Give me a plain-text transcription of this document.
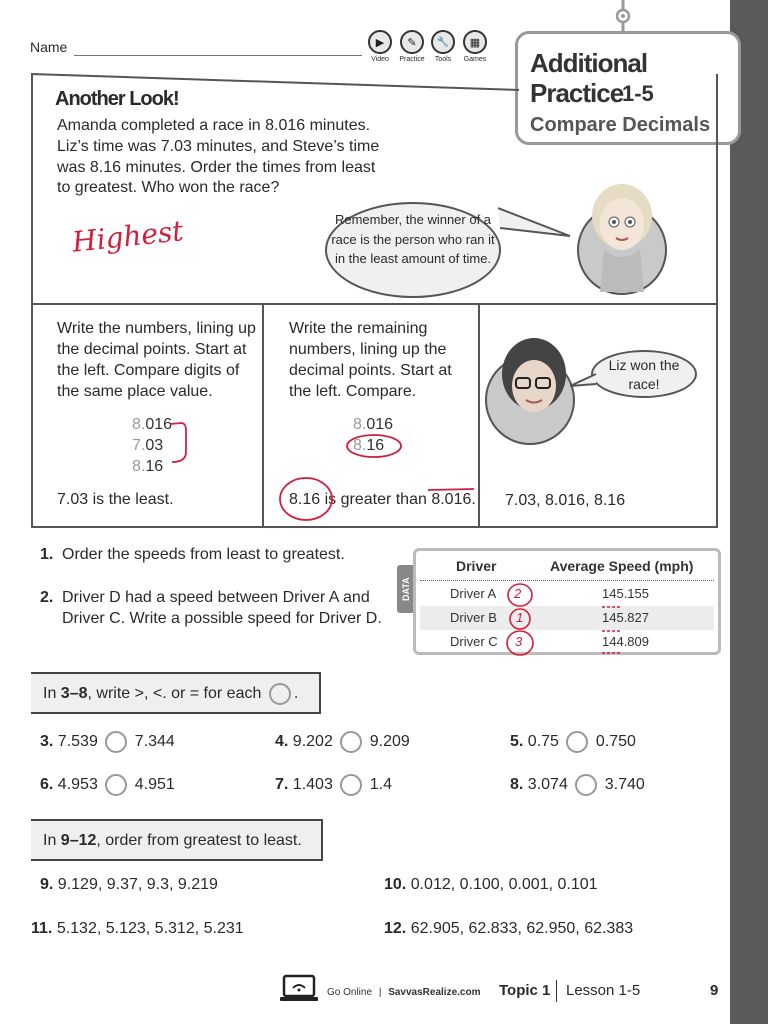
Name	▶
Video
✎
Practice
🔧
Tools
▦
Games	Additional
Practice
1-5
Compare Decimals
Another Look!
Amanda completed a race in 8.016 minutes. Liz’s time was 7.03 minutes, and Steve’s time was 8.16 minutes. Order the times from least to greatest. Who won the race?
Highest	Remember, the winner of a race is the person who ran it in the least amount of time.
Write the numbers, lining up the decimal points. Start at the left. Compare digits of the same place value.
8.016
7.03
8.16
7.03 is the least.
Write the remaining numbers, lining up the decimal points. Start at the left. Compare.
8.016
8.16
8.16 is greater than 8.016.
Liz won the race!
7.03, 8.016, 8.16
1. Order the speeds from least to greatest.
2. Driver D had a speed between Driver A and Driver C. Write a possible speed for Driver D.
DATA
Driver	Average Speed (mph)
Driver A 2	145.155
Driver B 1	145.827
Driver C 3	144.809
In 3–8, write >, <. or = for each .
3. 7.539 7.344	4. 9.202 9.209	5. 0.75 0.750
6. 4.953 4.951	7. 1.403 1.4	8. 3.074 3.740
In 9–12, order from greatest to least.
9. 9.129, 9.37, 9.3, 9.219	10. 0.012, 0.100, 0.001, 0.101
11. 5.132, 5.123, 5.312, 5.231	12. 62.905, 62.833, 62.950, 62.383
Go Online | SavvasRealize.com Topic 1 Lesson 1-5	9
